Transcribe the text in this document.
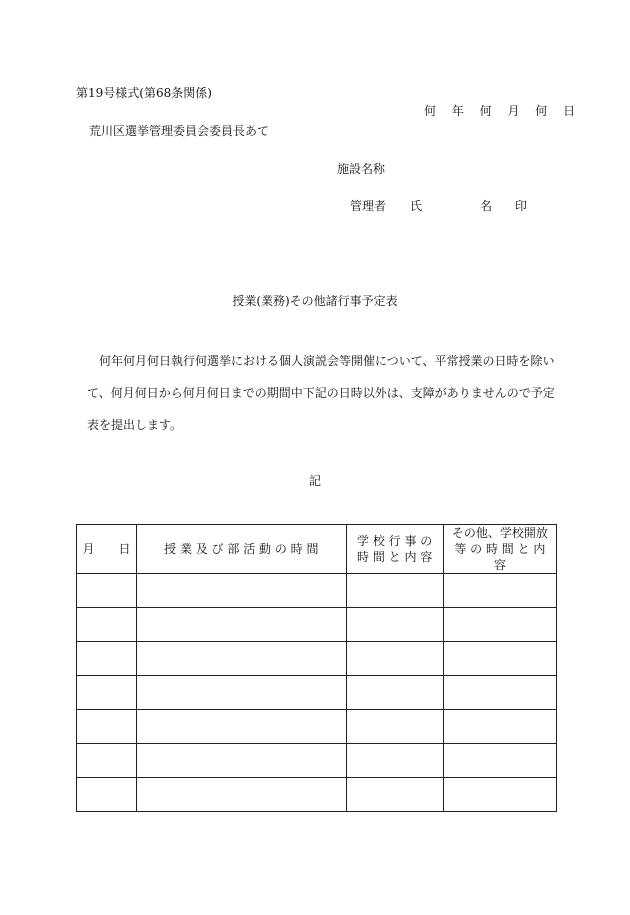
第19号様式(第68条関係)
何 年 何 月 何 日
荒川区選挙管理委員会委員長あて
施設名称
管理者 氏	名 印
授業(業務)その他諸行事予定表
何年何月何日執行何選挙における個人演説会等開催について、平常授業の日時を除いて、何月何日から何月何日までの期間中下記の日時以外は、支障がありませんので予定表を提出します。
記
月　　日	授 業 及 び 部 活 動 の 時 間	学 校 行 事 の 時 間 と 内 容	その他、学校開放等 の 時 間 と 内 容
